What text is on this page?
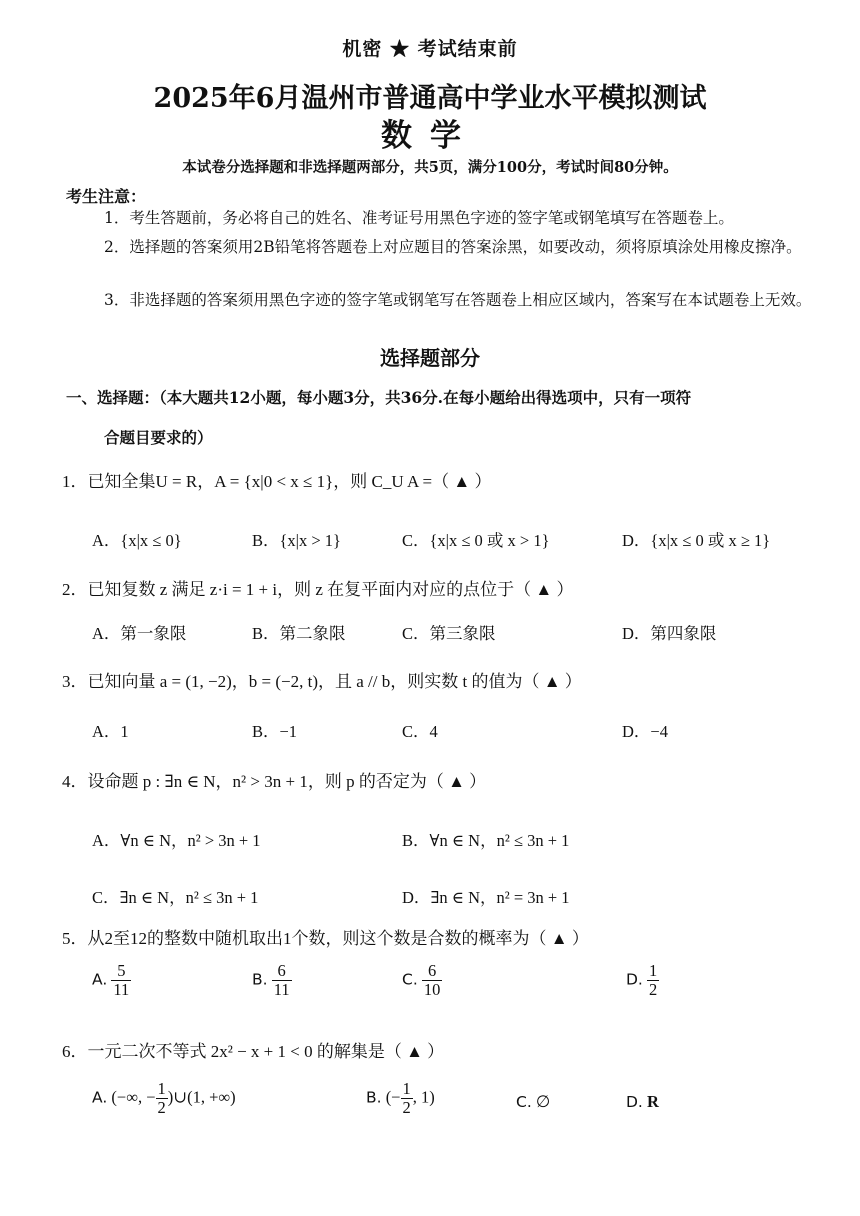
机密 ★ 考试结束前
2025年6月温州市普通高中学业水平模拟测试
数学
本试卷分选择题和非选择题两部分，共5页，满分100分，考试时间80分钟。
考生注意：
1．考生答题前，务必将自己的姓名、准考证号用黑色字迹的签字笔或钢笔填写在答题卷上。
2．选择题的答案须用2B铅笔将答题卷上对应题目的答案涂黑，如要改动，须将原填涂处用橡皮擦净。
3．非选择题的答案须用黑色字迹的签字笔或钢笔写在答题卷上相应区域内，答案写在本试题卷上无效。
选择题部分
一、选择题：（本大题共12小题，每小题3分，共36分.在每小题给出得选项中，只有一项符
合题目要求的）
1．已知全集U = R，A = {x|0 < x ≤ 1}，则 C_U A =（ ▲ ）
A．{x|x ≤ 0}	B．{x|x > 1}	C．{x|x ≤ 0 或 x > 1}	D．{x|x ≤ 0 或 x ≥ 1}
2．已知复数 z 满足 z·i = 1 + i，则 z 在复平面内对应的点位于（ ▲ ）
A．第一象限	B．第二象限	C．第三象限	D．第四象限
3．已知向量 a = (1, −2)，b = (−2, t)，且 a // b，则实数 t 的值为（ ▲ ）
A．1	B．−1	C．4	D．−4
4．设命题 p : ∃n ∈ N，n² > 3n + 1，则 p 的否定为（ ▲ ）
A．∀n ∈ N，n² > 3n + 1	B．∀n ∈ N，n² ≤ 3n + 1
C．∃n ∈ N，n² ≤ 3n + 1	D．∃n ∈ N，n² = 3n + 1
5．从2至12的整数中随机取出1个数，则这个数是合数的概率为（ ▲ ）
A. $\frac{5}{11}$	B. $\frac{6}{11}$	C. $\frac{6}{10}$	D. $\frac{1}{2}$
6．一元二次不等式 2x² − x + 1 < 0 的解集是（ ▲ ）
A. (−∞, − $\frac{1}{2}$ )∪(1, +∞)	B. (− $\frac{1}{2}$ , 1)	C. ∅	D. R
